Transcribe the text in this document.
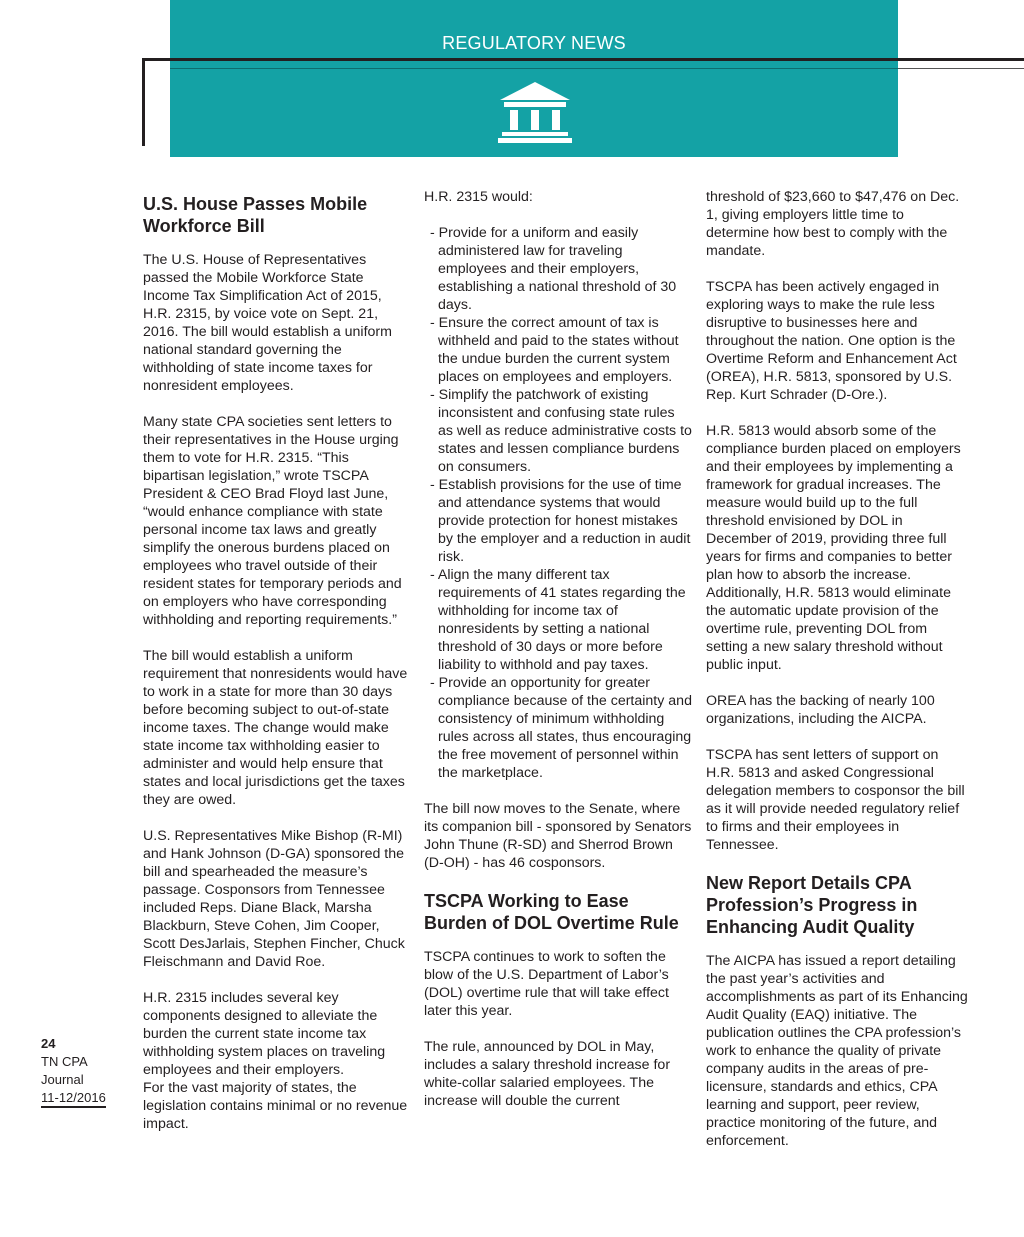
REGULATORY NEWS
U.S. House Passes Mobile Workforce Bill

The U.S. House of Representatives passed the Mobile Workforce State Income Tax Simplification Act of 2015, H.R. 2315, by voice vote on Sept. 21, 2016. The bill would establish a uniform national standard governing the withholding of state income taxes for nonresident employees.

Many state CPA societies sent letters to their representatives in the House urging them to vote for H.R. 2315. “This bipartisan legislation,” wrote TSCPA President & CEO Brad Floyd last June, “would enhance compliance with state personal income tax laws and greatly simplify the onerous burdens placed on employees who travel outside of their resident states for temporary periods and on employers who have corresponding withholding and reporting requirements.”

The bill would establish a uniform requirement that nonresidents would have to work in a state for more than 30 days before becoming subject to out-of-state income taxes. The change would make state income tax withholding easier to administer and would help ensure that states and local jurisdictions get the taxes they are owed.

U.S. Representatives Mike Bishop (R-MI) and Hank Johnson (D-GA) sponsored the bill and spearheaded the measure’s passage. Cosponsors from Tennessee included Reps. Diane Black, Marsha Blackburn, Steve Cohen, Jim Cooper, Scott DesJarlais, Stephen Fincher, Chuck Fleischmann and David Roe.

H.R. 2315 includes several key components designed to alleviate the burden the current state income tax withholding system places on traveling employees and their employers.

For the vast majority of states, the legislation contains minimal or no revenue impact.

H.R. 2315 would:

- Provide for a uniform and easily administered law for traveling employees and their employers, establishing a national threshold of 30 days.
- Ensure the correct amount of tax is withheld and paid to the states without the undue burden the current system places on employees and employers.
- Simplify the patchwork of existing inconsistent and confusing state rules as well as reduce administrative costs to states and lessen compliance burdens on consumers.
- Establish provisions for the use of time and attendance systems that would provide protection for honest mistakes by the employer and a reduction in audit risk.
- Align the many different tax requirements of 41 states regarding the withholding for income tax of nonresidents by setting a national threshold of 30 days or more before liability to withhold and pay taxes.
- Provide an opportunity for greater compliance because of the certainty and consistency of minimum withholding rules across all states, thus encouraging the free movement of personnel within the marketplace.

The bill now moves to the Senate, where its companion bill - sponsored by Senators John Thune (R-SD) and Sherrod Brown (D-OH) - has 46 cosponsors.

TSCPA Working to Ease Burden of DOL Overtime Rule

TSCPA continues to work to soften the blow of the U.S. Department of Labor’s (DOL) overtime rule that will take effect later this year.

The rule, announced by DOL in May, includes a salary threshold increase for white-collar salaried employees. The increase will double the current

threshold of $23,660 to $47,476 on Dec. 1, giving employers little time to determine how best to comply with the mandate.

TSCPA has been actively engaged in exploring ways to make the rule less disruptive to businesses here and throughout the nation. One option is the Overtime Reform and Enhancement Act (OREA), H.R. 5813, sponsored by U.S. Rep. Kurt Schrader (D-Ore.).

H.R. 5813 would absorb some of the compliance burden placed on employers and their employees by implementing a framework for gradual increases. The measure would build up to the full threshold envisioned by DOL in December of 2019, providing three full years for firms and companies to better plan how to absorb the increase. Additionally, H.R. 5813 would eliminate the automatic update provision of the overtime rule, preventing DOL from setting a new salary threshold without public input.

OREA has the backing of nearly 100 organizations, including the AICPA.

TSCPA has sent letters of support on H.R. 5813 and asked Congressional delegation members to cosponsor the bill as it will provide needed regulatory relief to firms and their employees in Tennessee.

New Report Details CPA Profession’s Progress in Enhancing Audit Quality

The AICPA has issued a report detailing the past year’s activities and accomplishments as part of its Enhancing Audit Quality (EAQ) initiative. The publication outlines the CPA profession’s work to enhance the quality of private company audits in the areas of pre-licensure, standards and ethics, CPA learning and support, peer review, practice monitoring of the future, and enforcement.

24
TN CPA
Journal
11-12/2016
